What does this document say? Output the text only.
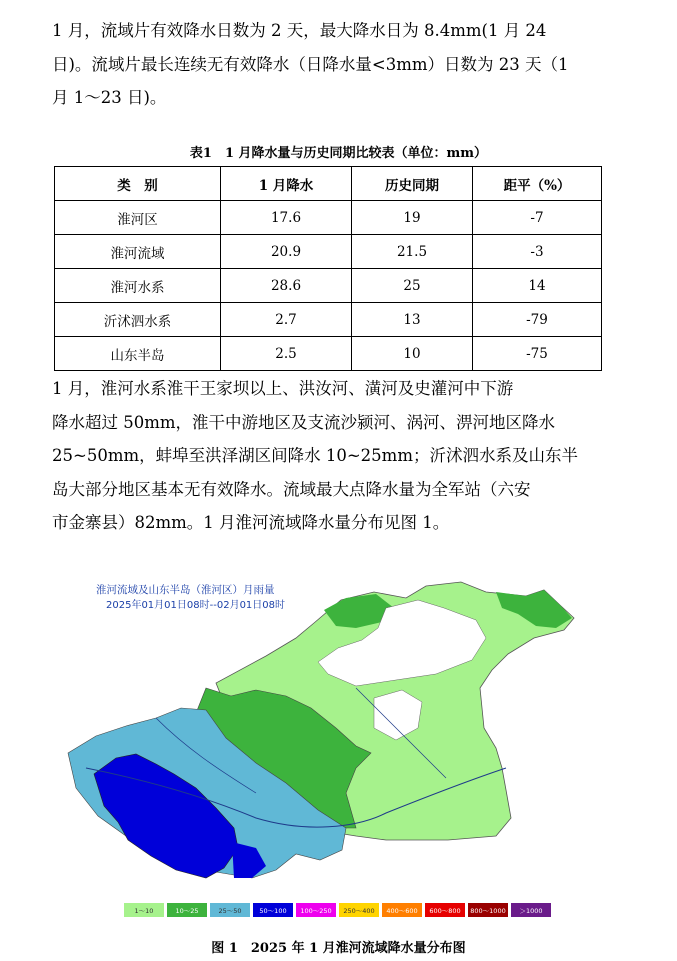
1 月，流域片有效降水日数为 2 天，最大降水日为 8.4mm(1 月 24
日)。流域片最长连续无有效降水（日降水量<3mm）日数为 23 天（1
月 1～23 日)。

表1　1 月降水量与历史同期比较表（单位：mm）
类　别	1 月降水	历史同期	距平（%）
淮河区	17.6	19	-7
淮河流域	20.9	21.5	-3
淮河水系	28.6	25	14
沂沭泗水系	2.7	13	-79
山东半岛	2.5	10	-75

1 月，淮河水系淮干王家坝以上、洪汝河、潢河及史灌河中下游
降水超过 50mm，淮干中游地区及支流沙颍河、涡河、淠河地区降水
25~50mm，蚌埠至洪泽湖区间降水 10~25mm；沂沭泗水系及山东半
岛大部分地区基本无有效降水。流域最大点降水量为全军站（六安
市金寨县）82mm。1 月淮河流域降水量分布见图 1。

淮河流域及山东半岛（淮河区）月雨量
2025年01月01日08时--02月01日08时
1～10	10～25	25～50	50～100 100～250 250～400 400～600 600～800 800～1000 ＞1000
图 1　2025 年 1 月淮河流域降水量分布图
